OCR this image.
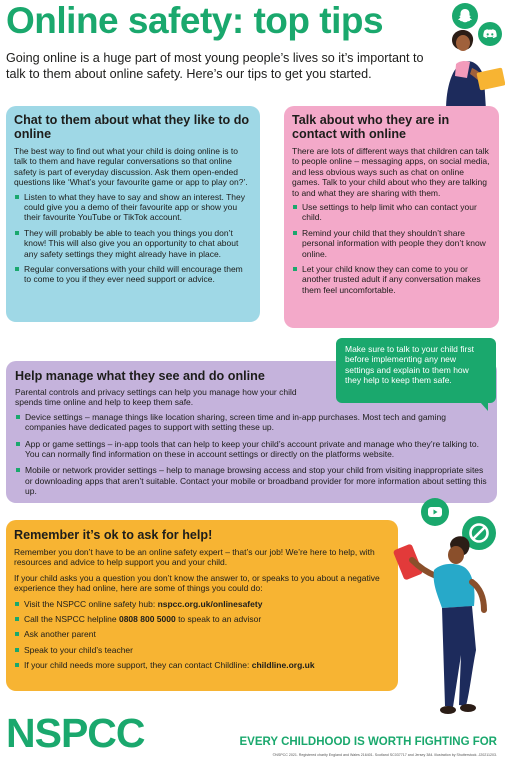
Online safety: top tips

Going online is a huge part of most young people’s lives so it’s important to talk to them about online safety. Here’s our tips to get you started.

Chat to them about what they like to do online

The best way to find out what your child is doing online is to talk to them and have regular conversations so that online safety is part of everyday discussion. Ask them open-ended questions like ‘What’s your favourite game or app to play on?’.

Listen to what they have to say and show an interest. They could give you a demo of their favourite app or show you their favourite YouTube or TikTok account.
They will probably be able to teach you things you don’t know! This will also give you an opportunity to chat about any safety settings they might already have in place.
Regular conversations with your child will encourage them to come to you if they ever need support or advice.
Talk about who they are in contact with online

There are lots of different ways that children can talk to people online – messaging apps, on social media, and less obvious ways such as chat on online games. Talk to your child about who they are talking to and what they are sharing with them.

Use settings to help limit who can contact your child.
Remind your child that they shouldn’t share personal information with people they don’t know online.
Let your child know they can come to you or another trusted adult if any conversation makes them feel uncomfortable.
Help manage what they see and do online

Parental controls and privacy settings can help you manage how your child spends time online and help to keep them safe.

Device settings – manage things like location sharing, screen time and in-app purchases. Most tech and gaming companies have dedicated pages to support with setting these up.
App or game settings – in-app tools that can help to keep your child’s account private and manage who they’re talking to. You can normally find information on these in account settings or directly on the platforms website.
Mobile or network provider settings – help to manage browsing access and stop your child from visiting inappropriate sites or downloading apps that aren’t suitable. Contact your mobile or broadband provider for more information about setting this up.
Make sure to talk to your child first before implementing any new settings and explain to them how they help to keep them safe.
Remember it’s ok to ask for help!

Remember you don’t have to be an online safety expert – that’s our job! We’re here to help, with resources and advice to help support you and your child.

If your child asks you a question you don’t know the answer to, or speaks to you about a negative experience they had online, here are some of things you could do:

Visit the NSPCC online safety hub: nspcc.org.uk/onlinesafety
Call the NSPCC helpline 0808 800 5000 to speak to an advisor
Ask another parent
Speak to your child’s teacher
If your child needs more support, they can contact Childline: childline.org.uk
NSPCC	EVERY CHILDHOOD IS WORTH FIGHTING FOR

©NSPCC 2021. Registered charity England and Wales 216401. Scotland SC037717 and Jersey 384. Illustration by Shutterstock. J20211203.
